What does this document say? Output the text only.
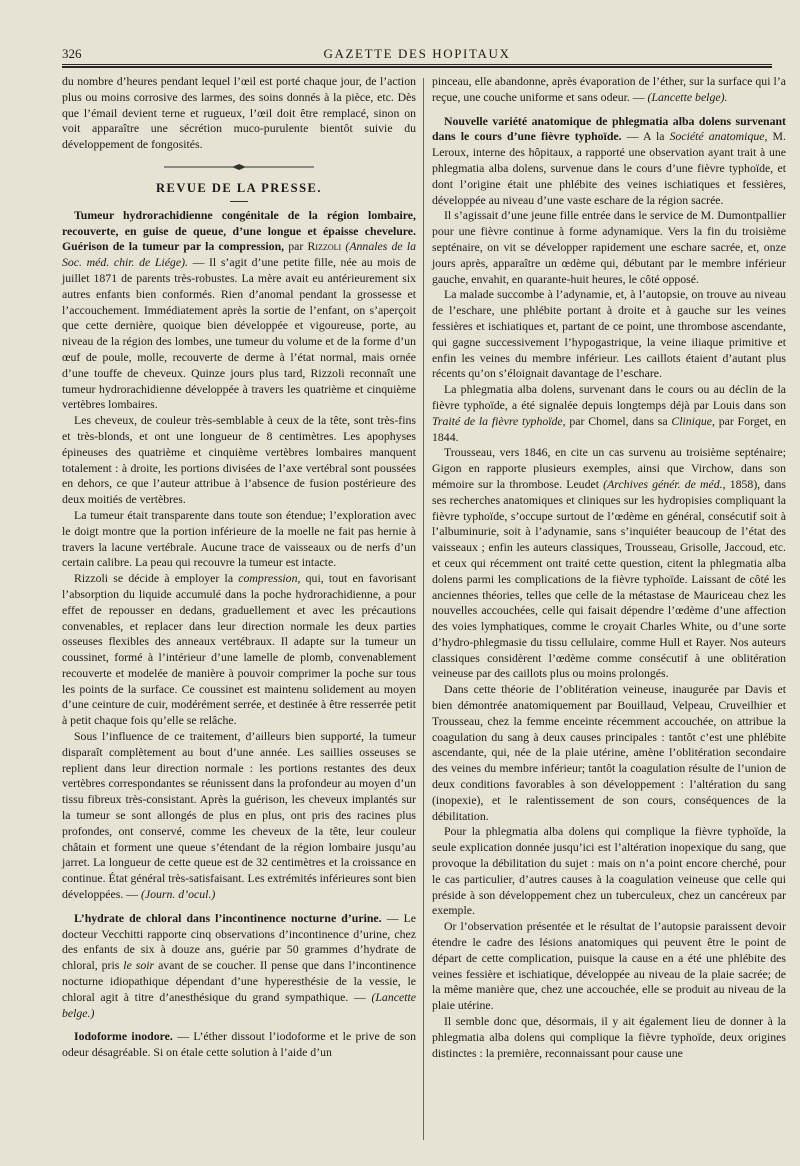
326	GAZETTE DES HOPITAUX

du nombre d’heures pendant lequel l’œil est porté chaque jour, de l’action plus ou moins corrosive des larmes, des soins donnés à la pièce, etc. Dès que l’émail devient terne et rugueux, l’œil doit être remplacé, sinon on voit apparaître une sécrétion muco-purulente bientôt suivie du développement de fongosités.

REVUE DE LA PRESSE.

Tumeur hydrorachidienne congénitale de la région lombaire, recouverte, en guise de queue, d’une longue et épaisse chevelure. Guérison de la tumeur par la compression, par Rizzoli (Annales de la Soc. méd. chir. de Liége). — Il s’agit d’une petite fille, née au mois de juillet 1871 de parents très-robustes. La mère avait eu antérieurement six autres enfants bien conformés. Rien d’anomal pendant la grossesse et l’accouchement. Immédiatement après la sortie de l’enfant, on s’aperçoit que cette dernière, quoique bien développée et vigoureuse, porte, au niveau de la région des lombes, une tumeur du volume et de la forme d’un œuf de poule, molle, recouverte de derme à l’état normal, mais ornée d’une touffe de cheveux. Quinze jours plus tard, Rizzoli reconnaît une tumeur hydrorachidienne développée à travers les quatrième et cinquième vertèbres lombaires.

Les cheveux, de couleur très-semblable à ceux de la tête, sont très-fins et très-blonds, et ont une longueur de 8 centimètres. Les apophyses épineuses des quatrième et cinquième vertèbres lombaires manquent totalement : à droite, les portions divisées de l’axe vertébral sont poussées en dehors, ce que l’auteur attribue à l’absence de fusion postérieure des deux moitiés de vertèbres.

La tumeur était transparente dans toute son étendue; l’exploration avec le doigt montre que la portion inférieure de la moelle ne fait pas hernie à travers la lacune vertébrale. Aucune trace de vaisseaux ou de nerfs d’un certain calibre. La peau qui recouvre la tumeur est intacte.

Rizzoli se décide à employer la compression, qui, tout en favorisant l’absorption du liquide accumulé dans la poche hydrorachidienne, a pour effet de repousser en dedans, graduellement et avec les précautions convenables, et replacer dans leur direction normale les deux parties osseuses flexibles des anneaux vertébraux. Il adapte sur la tumeur un coussinet, formé à l’intérieur d’une lamelle de plomb, convenablement recouverte et modelée de manière à pouvoir comprimer la poche sur tous les points de la surface. Ce coussinet est maintenu solidement au moyen d’une ceinture de cuir, modérément serrée, et destinée à être resserrée petit à petit chaque fois qu’elle se relâche.

Sous l’influence de ce traitement, d’ailleurs bien supporté, la tumeur disparaît complètement au bout d’une année. Les saillies osseuses se replient dans leur direction normale : les portions restantes des deux vertèbres correspondantes se réunissent dans la profondeur au moyen d’un tissu fibreux très-consistant. Après la guérison, les cheveux implantés sur la tumeur se sont allongés de plus en plus, ont pris des racines plus profondes, ont conservé, comme les cheveux de la tête, leur couleur châtain et forment une queue s’étendant de la région lombaire jusqu’au jarret. La longueur de cette queue est de 32 centimètres et la croissance en continue. État général très-satisfaisant. Les extrémités inférieures sont bien développées. — (Journ. d’ocul.)

L’hydrate de chloral dans l’incontinence nocturne d’urine. — Le docteur Vecchitti rapporte cinq observations d’incontinence d’urine, chez des enfants de six à douze ans, guérie par 50 grammes d’hydrate de chloral, pris le soir avant de se coucher. Il pense que dans l’incontinence nocturne idiopathique dépendant d’une hyperesthésie de la vessie, le chloral agit à titre d’anesthésique du grand sympathique. — (Lancette belge.)

Iodoforme inodore. — L’éther dissout l’iodoforme et le prive de son odeur désagréable. Si on étale cette solution à l’aide d’un

pinceau, elle abandonne, après évaporation de l’éther, sur la surface qui l’a reçue, une couche uniforme et sans odeur. — (Lancette belge).

Nouvelle variété anatomique de phlegmatia alba dolens survenant dans le cours d’une fièvre typhoïde. — A la Société anatomique, M. Leroux, interne des hôpitaux, a rapporté une observation ayant trait à une phlegmatia alba dolens, survenue dans le cours d’une fièvre typhoïde, et dont l’origine était une phlébite des veines ischiatiques et fessières, développée au niveau d’une vaste eschare de la région sacrée.

Il s’agissait d’une jeune fille entrée dans le service de M. Dumontpallier pour une fièvre continue à forme adynamique. Vers la fin du troisième septénaire, on vit se développer rapidement une eschare sacrée, et, onze jours après, apparaître un œdème qui, débutant par le membre inférieur gauche, envahit, en quarante-huit heures, le côté opposé.

La malade succombe à l’adynamie, et, à l’autopsie, on trouve au niveau de l’eschare, une phlébite portant à droite et à gauche sur les veines fessières et ischiatiques et, partant de ce point, une thrombose ascendante, qui gagne successivement l’hypogastrique, la veine iliaque primitive et enfin les veines du membre inférieur. Les caillots étaient d’autant plus récents qu’on s’éloignait davantage de l’eschare.

La phlegmatia alba dolens, survenant dans le cours ou au déclin de la fièvre typhoïde, a été signalée depuis longtemps déjà par Louis dans son Traité de la fièvre typhoïde, par Chomel, dans sa Clinique, par Forget, en 1844.

Trousseau, vers 1846, en cite un cas survenu au troisième septénaire; Gigon en rapporte plusieurs exemples, ainsi que Virchow, dans son mémoire sur la thrombose. Leudet (Archives génér. de méd., 1858), dans ses recherches anatomiques et cliniques sur les hydropisies compliquant la fièvre typhoïde, s’occupe surtout de l’œdème en général, consécutif soit à l’albuminurie, soit à l’adynamie, sans s’inquiéter beaucoup de l’état des vaisseaux ; enfin les auteurs classiques, Trousseau, Grisolle, Jaccoud, etc. et ceux qui récemment ont traité cette question, citent la phlegmatia alba dolens parmi les complications de la fièvre typhoïde. Laissant de côté les anciennes théories, telles que celle de la métastase de Mauriceau chez les nouvelles accouchées, celle qui faisait dépendre l’œdème d’une affection des voies lymphatiques, comme le croyait Charles White, ou d’une sorte d’hydro-phlegmasie du tissu cellulaire, comme Hull et Rayer. Nos auteurs classiques considèrent l’œdème comme consécutif à une oblitération veineuse par des caillots plus ou moins prolongés.

Dans cette théorie de l’oblitération veineuse, inaugurée par Davis et bien démontrée anatomiquement par Bouillaud, Velpeau, Cruveilhier et Trousseau, chez la femme enceinte récemment accouchée, on attribue la coagulation du sang à deux causes principales : tantôt c’est une phlébite ascendante, qui, née de la plaie utérine, amène l’oblitération secondaire des veines du membre inférieur; tantôt la coagulation résulte de l’union de deux conditions favorables à son développement : l’altération du sang (inopexie), et le ralentissement de son cours, conséquences de la débilitation.

Pour la phlegmatia alba dolens qui complique la fièvre typhoïde, la seule explication donnée jusqu’ici est l’altération inopexique du sang, que provoque la débilitation du sujet : mais on n’a point encore cherché, pour le cas particulier, d’autres causes à la coagulation veineuse que celle qui préside à son développement chez un tuberculeux, chez un cancéreux par exemple.

Or l’observation présentée et le résultat de l’autopsie paraissent devoir étendre le cadre des lésions anatomiques qui peuvent être le point de départ de cette complication, puisque la cause en a été une phlébite des veines fessière et ischiatique, développée au niveau de la plaie sacrée; de la même manière que, chez une accouchée, elle se produit au niveau de la plaie utérine.

Il semble donc que, désormais, il y ait également lieu de donner à la phlegmatia alba dolens qui complique la fièvre typhoïde, deux origines distinctes : la première, reconnaissant pour cause une
